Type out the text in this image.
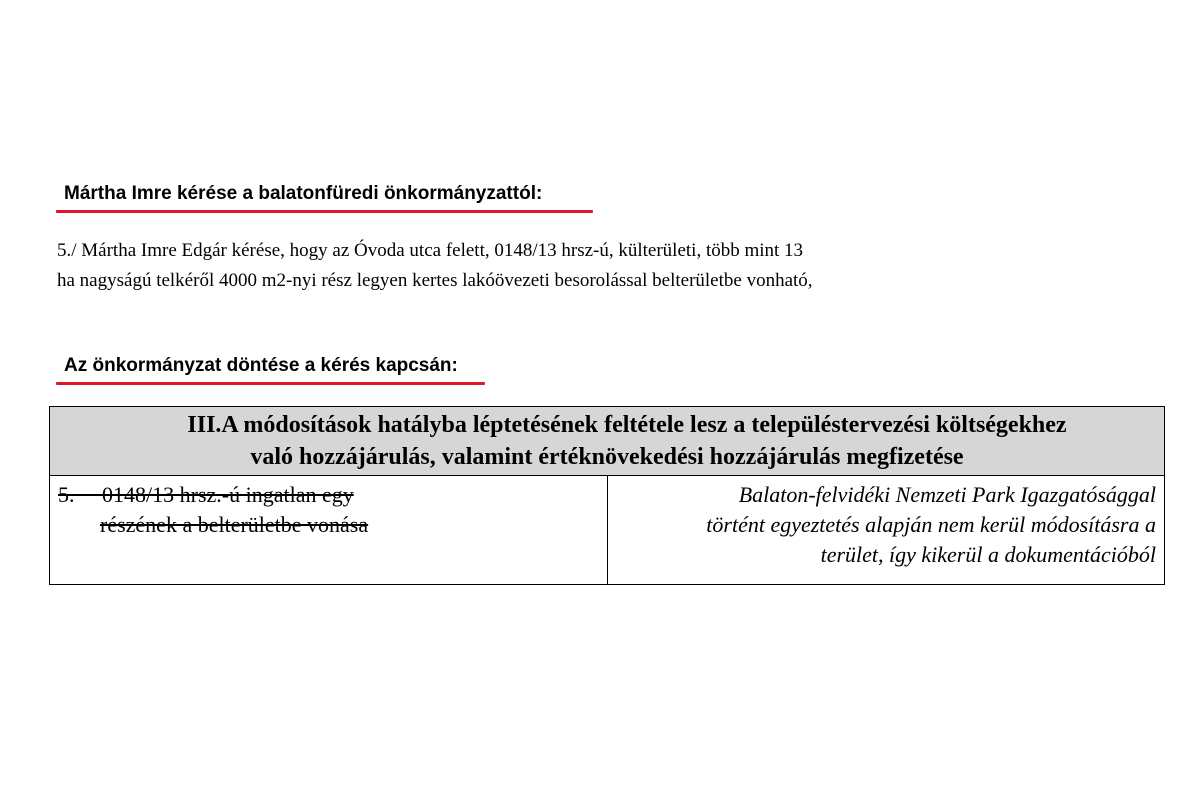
Mártha Imre kérése a balatonfüredi önkormányzattól:
5./ Mártha Imre Edgár kérése, hogy az Óvoda utca felett, 0148/13 hrsz-ú, külterületi, több mint 13
ha nagyságú telkéről 4000 m2-nyi rész legyen kertes lakóövezeti besorolással belterületbe vonható,
Az önkormányzat döntése a kérés kapcsán:
III.A módosítások hatályba léptetésének feltétele lesz a településtervezési költségekhez
való hozzájárulás, valamint értéknövekedési hozzájárulás megfizetése

5.     0148/13 hrsz.-ú ingatlan egy
részének a belterületbe vonása

Balaton-felvidéki Nemzeti Park Igazgatósággal
történt egyeztetés alapján nem kerül módosításra a
terület, így kikerül a dokumentációból
